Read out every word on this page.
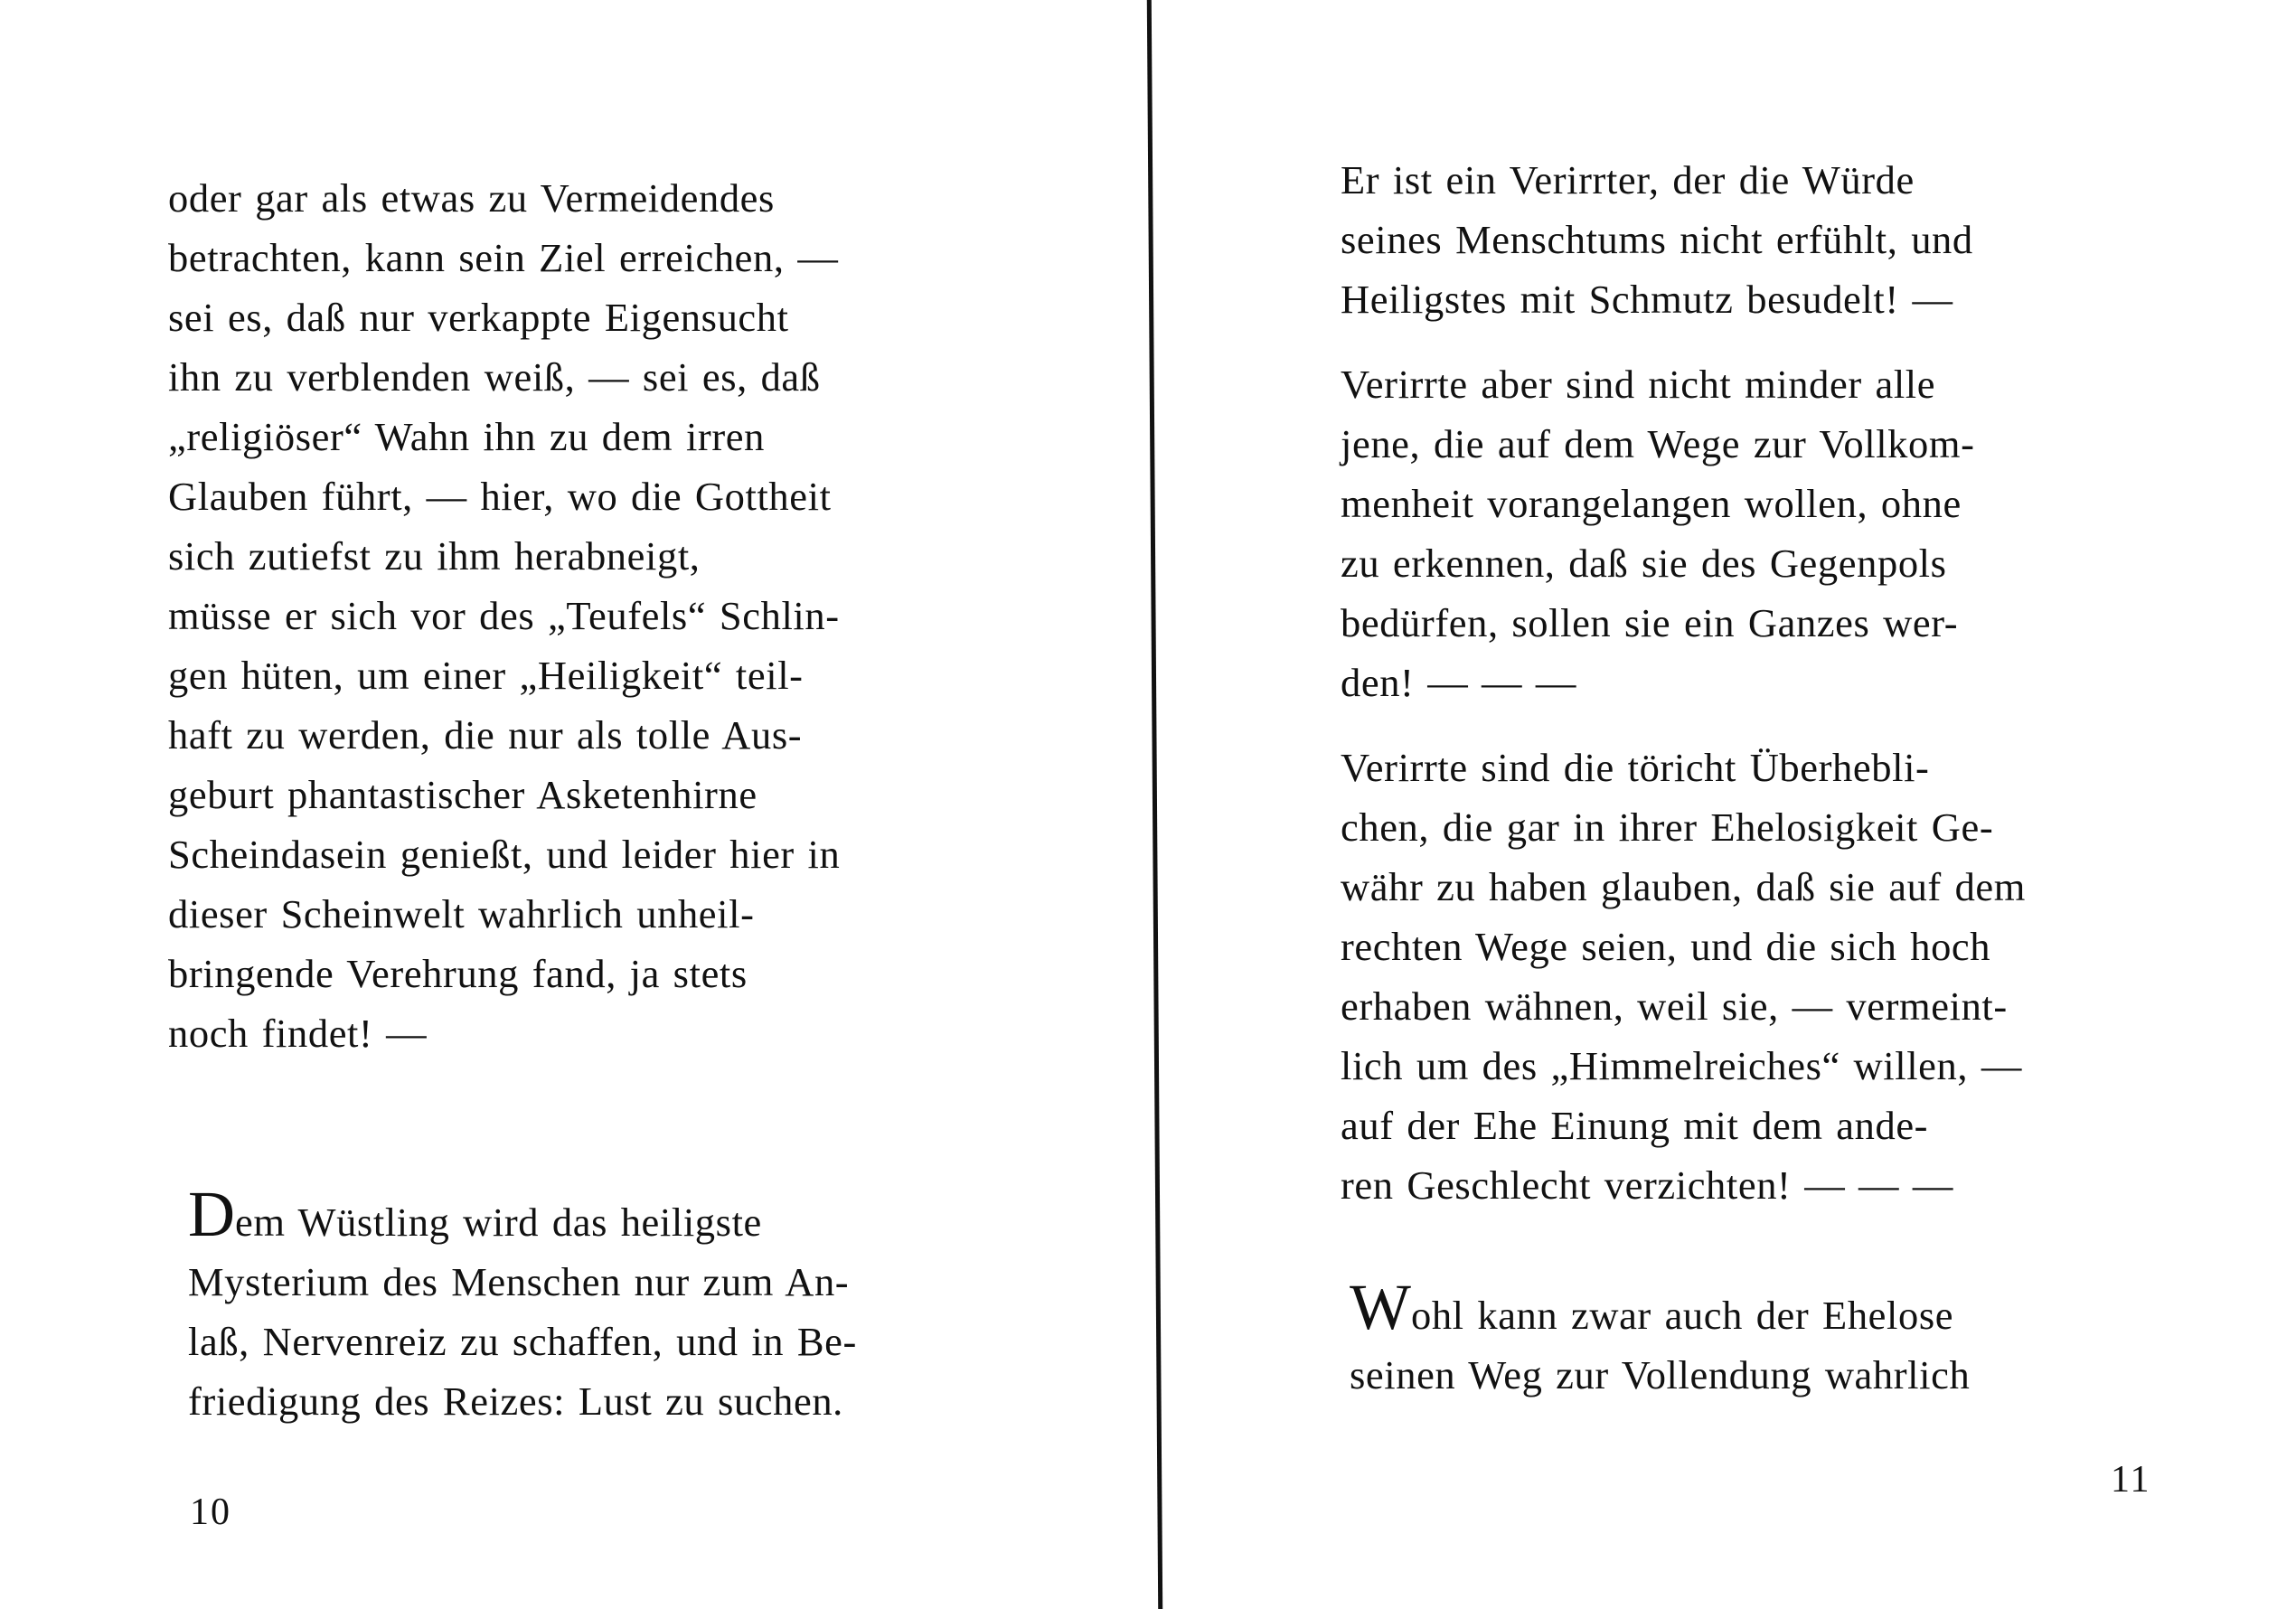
oder gar als etwas zu Vermeidendes

betrachten, kann sein Ziel erreichen, —

sei es, daß nur verkappte Eigensucht

ihn zu verblenden weiß, — sei es, daß

„religiöser“ Wahn ihn zu dem irren

Glauben führt, — hier, wo die Gottheit

sich zutiefst zu ihm herabneigt,

müsse er sich vor des „Teufels“ Schlin-

gen hüten, um einer „Heiligkeit“ teil-

haft zu werden, die nur als tolle Aus-

geburt phantastischer Asketenhirne

Scheindasein genießt, und leider hier in

dieser Scheinwelt wahrlich unheil-

bringende Verehrung fand, ja stets

noch findet! —

Dem Wüstling wird das heiligste

Mysterium des Menschen nur zum An-

laß, Nervenreiz zu schaffen, und in Be-

friedigung des Reizes: Lust zu suchen.

10

Er ist ein Verirrter, der die Würde

seines Menschtums nicht erfühlt, und

Heiligstes mit Schmutz besudelt! —

Verirrte aber sind nicht minder alle

jene, die auf dem Wege zur Vollkom-

menheit vorangelangen wollen, ohne

zu erkennen, daß sie des Gegenpols

bedürfen, sollen sie ein Ganzes wer-

den! — — —

Verirrte sind die töricht Überhebli-

chen, die gar in ihrer Ehelosigkeit Ge-

währ zu haben glauben, daß sie auf dem

rechten Wege seien, und die sich hoch

erhaben wähnen, weil sie, — vermeint-

lich um des „Himmelreiches“ willen, —

auf der Ehe Einung mit dem ande-

ren Geschlecht verzichten! — — —

Wohl kann zwar auch der Ehelose

seinen Weg zur Vollendung wahrlich

11
